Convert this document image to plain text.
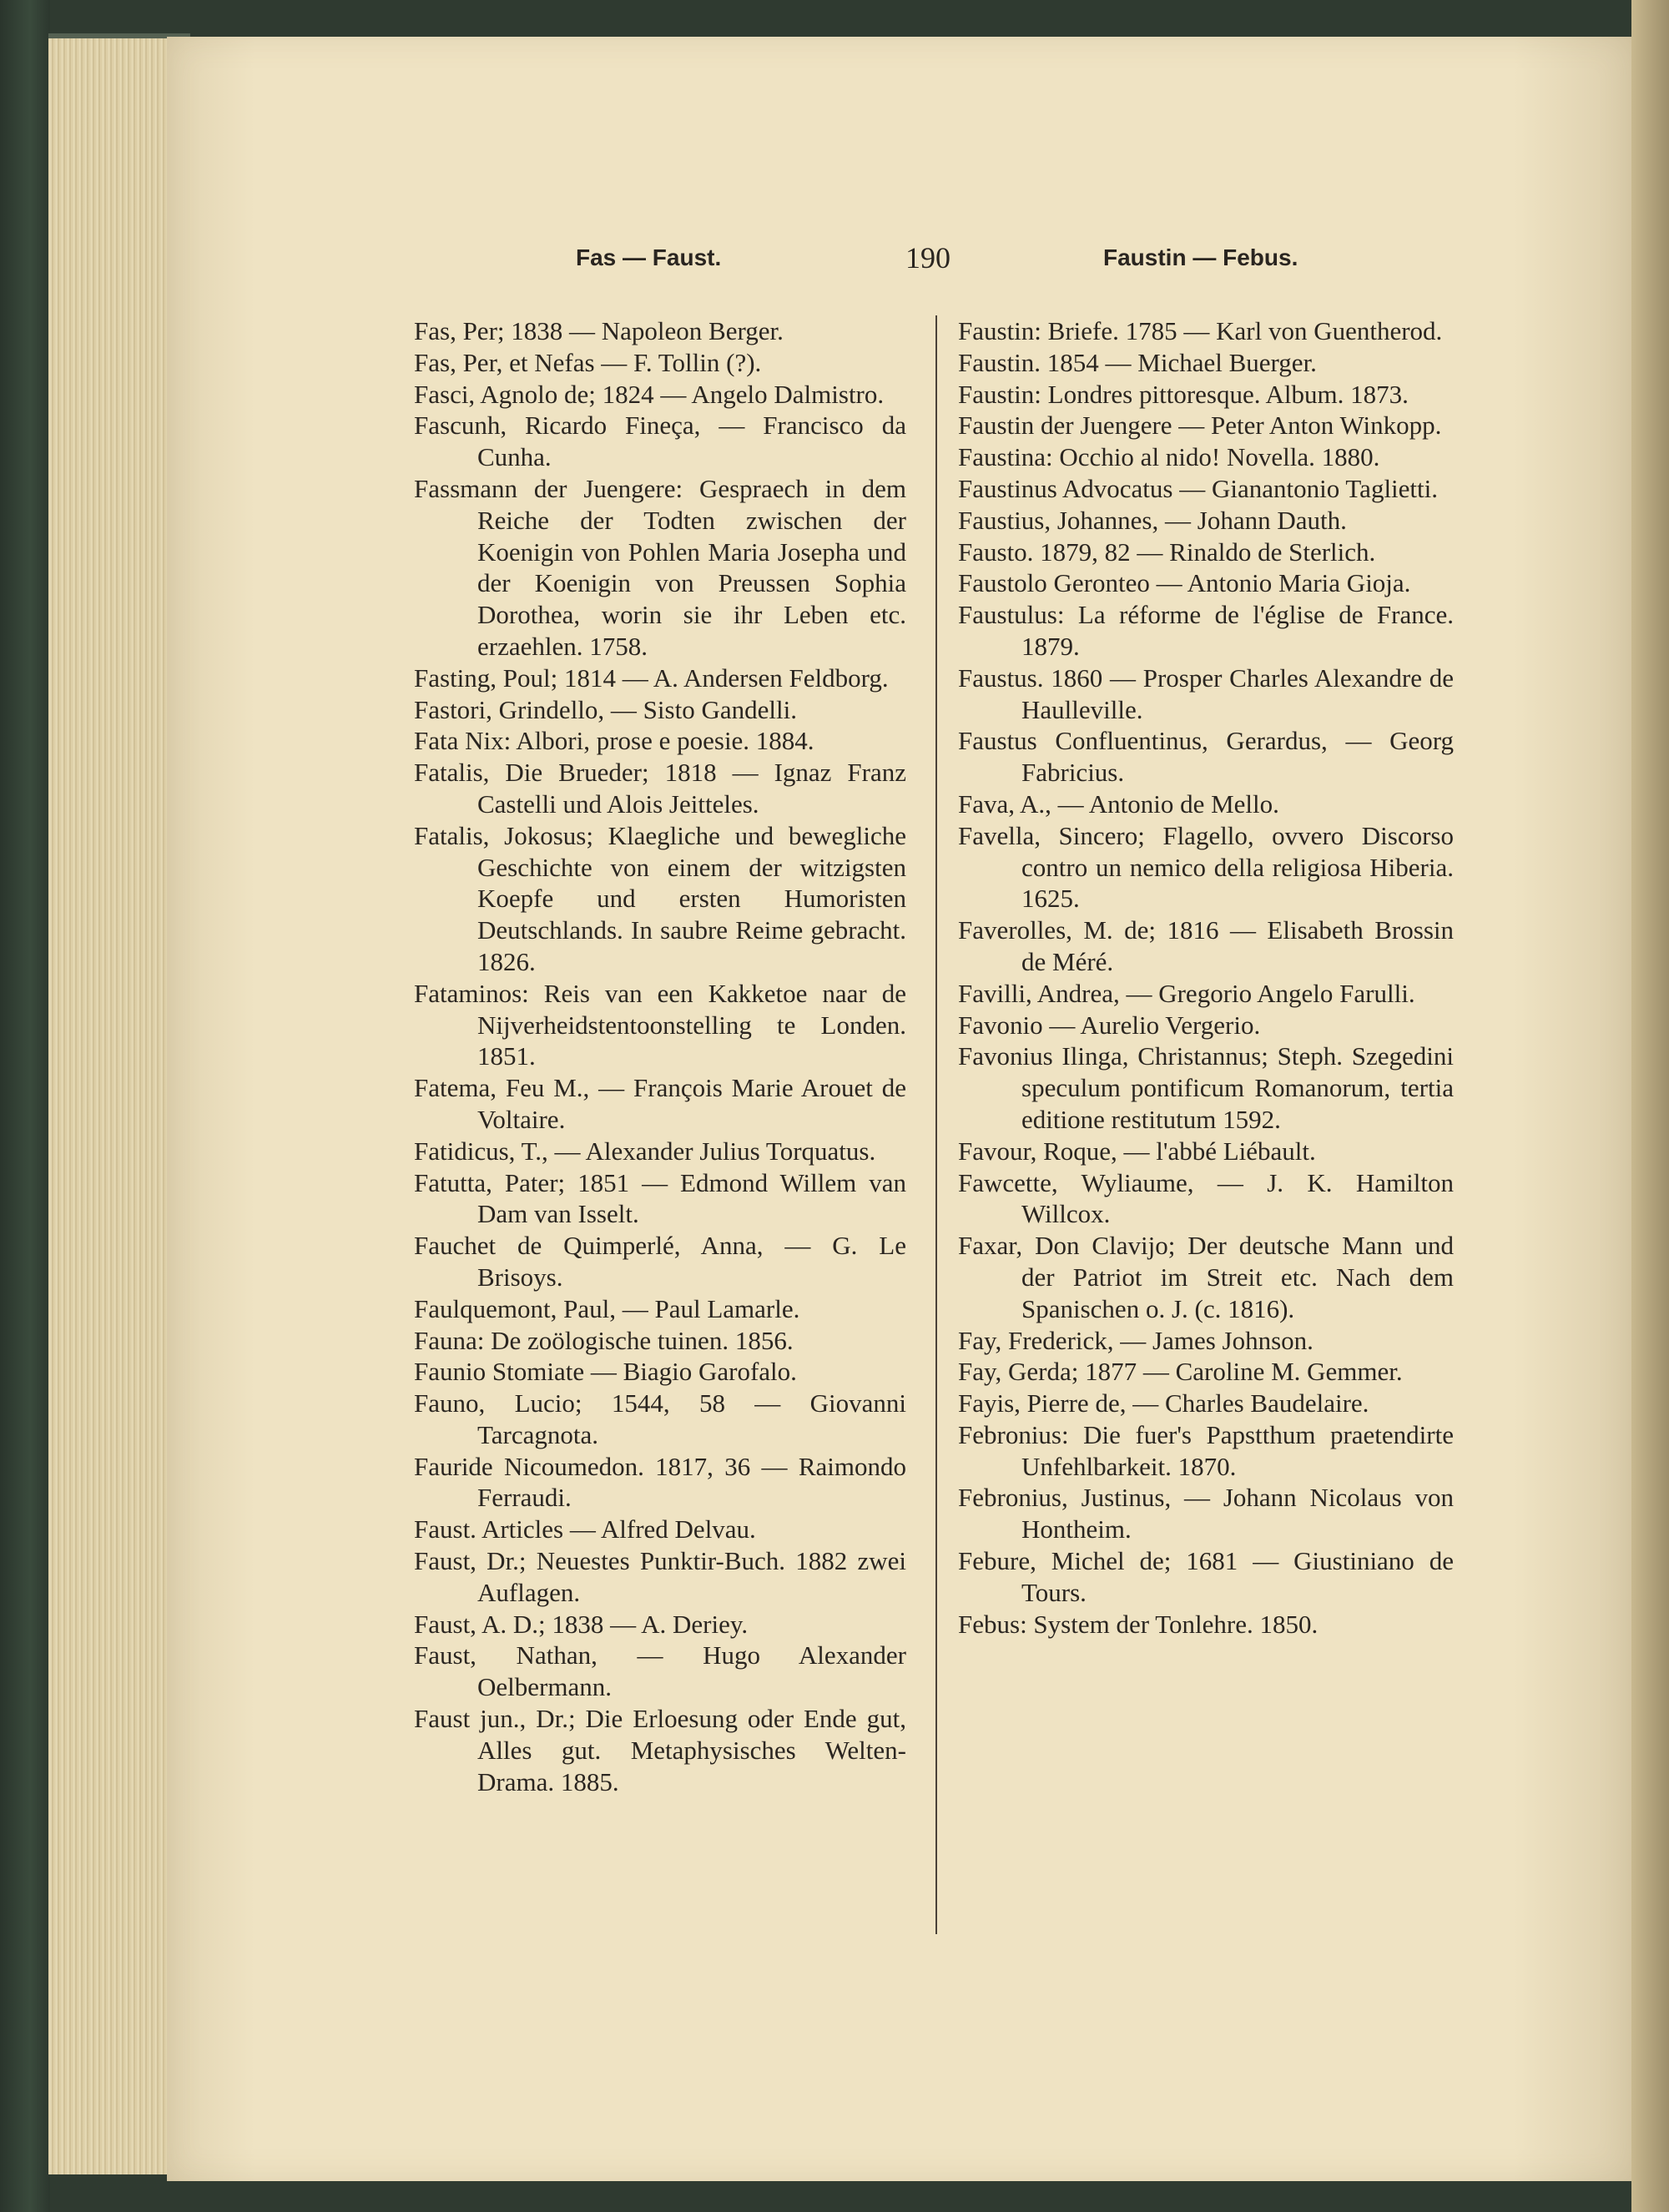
Fas — Faust.	190	Faustin — Febus.

Fas, Per; 1838 — Napoleon Berger.

Fas, Per, et Nefas — F. Tollin (?).

Fasci, Agnolo de; 1824 — Angelo Dalmistro.

Fascunh, Ricardo Fineça, — Francisco da Cunha.

Fassmann der Juengere: Gespraech in dem Reiche der Todten zwischen der Koenigin von Pohlen Maria Josepha und der Koenigin von Preussen Sophia Dorothea, worin sie ihr Leben etc. erzaehlen. 1758.

Fasting, Poul; 1814 — A. Andersen Feldborg.

Fastori, Grindello, — Sisto Gandelli.

Fata Nix: Albori, prose e poesie. 1884.

Fatalis, Die Brueder; 1818 — Ignaz Franz Castelli und Alois Jeitteles.

Fatalis, Jokosus; Klaegliche und bewegliche Geschichte von einem der witzigsten Koepfe und ersten Humoristen Deutschlands. In saubre Reime gebracht. 1826.

Fataminos: Reis van een Kakketoe naar de Nijverheidstentoonstelling te Londen. 1851.

Fatema, Feu M., — François Marie Arouet de Voltaire.

Fatidicus, T., — Alexander Julius Torquatus.

Fatutta, Pater; 1851 — Edmond Willem van Dam van Isselt.

Fauchet de Quimperlé, Anna, — G. Le Brisoys.

Faulquemont, Paul, — Paul Lamarle.

Fauna: De zoölogische tuinen. 1856.

Faunio Stomiate — Biagio Garofalo.

Fauno, Lucio; 1544, 58 — Giovanni Tarcagnota.

Fauride Nicoumedon. 1817, 36 — Raimondo Ferraudi.

Faust. Articles — Alfred Delvau.

Faust, Dr.; Neuestes Punktir-Buch. 1882 zwei Auflagen.

Faust, A. D.; 1838 — A. Deriey.

Faust, Nathan, — Hugo Alexander Oelbermann.

Faust jun., Dr.; Die Erloesung oder Ende gut, Alles gut. Metaphysisches Welten-Drama. 1885.

Faustin: Briefe. 1785 — Karl von Guentherod.

Faustin. 1854 — Michael Buerger.

Faustin: Londres pittoresque. Album. 1873.

Faustin der Juengere — Peter Anton Winkopp.

Faustina: Occhio al nido! Novella. 1880.

Faustinus Advocatus — Gianantonio Taglietti.

Faustius, Johannes, — Johann Dauth.

Fausto. 1879, 82 — Rinaldo de Sterlich.

Faustolo Geronteo — Antonio Maria Gioja.

Faustulus: La réforme de l'église de France. 1879.

Faustus. 1860 — Prosper Charles Alexandre de Haulleville.

Faustus Confluentinus, Gerardus, — Georg Fabricius.

Fava, A., — Antonio de Mello.

Favella, Sincero; Flagello, ovvero Discorso contro un nemico della religiosa Hiberia. 1625.

Faverolles, M. de; 1816 — Elisabeth Brossin de Méré.

Favilli, Andrea, — Gregorio Angelo Farulli.

Favonio — Aurelio Vergerio.

Favonius Ilinga, Christannus; Steph. Szegedini speculum pontificum Romanorum, tertia editione restitutum 1592.

Favour, Roque, — l'abbé Liébault.

Fawcette, Wyliaume, — J. K. Hamilton Willcox.

Faxar, Don Clavijo; Der deutsche Mann und der Patriot im Streit etc. Nach dem Spanischen o. J. (c. 1816).

Fay, Frederick, — James Johnson.

Fay, Gerda; 1877 — Caroline M. Gemmer.

Fayis, Pierre de, — Charles Baudelaire.

Febronius: Die fuer's Papstthum praetendirte Unfehlbarkeit. 1870.

Febronius, Justinus, — Johann Nicolaus von Hontheim.

Febure, Michel de; 1681 — Giustiniano de Tours.

Febus: System der Tonlehre. 1850.
